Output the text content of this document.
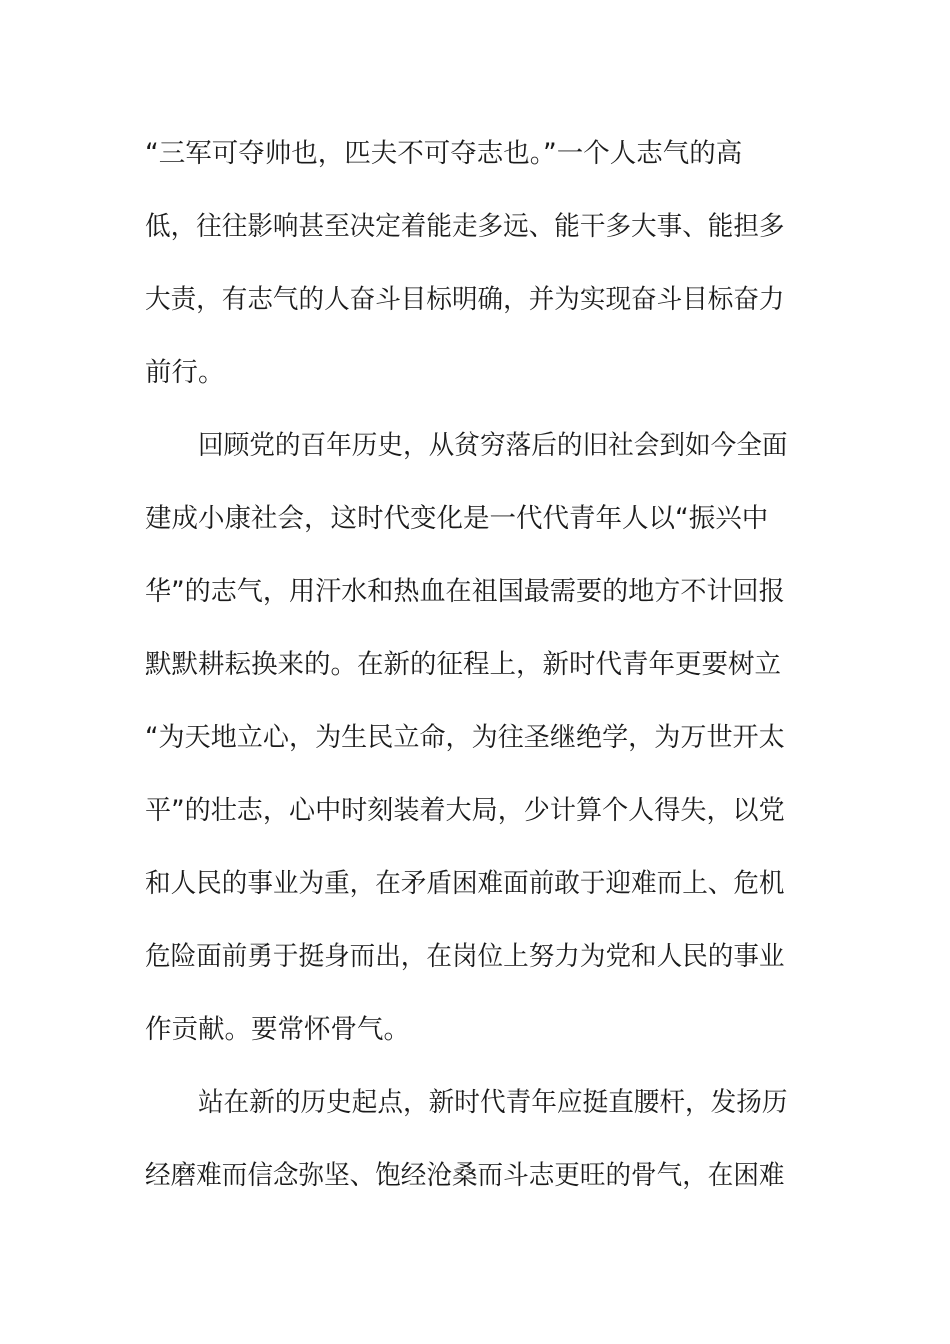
“三军可夺帅也，匹夫不可夺志也。”一个人志气的高
低，往往影响甚至决定着能走多远、能干多大事、能担多
大责，有志气的人奋斗目标明确，并为实现奋斗目标奋力
前行。
回顾党的百年历史，从贫穷落后的旧社会到如今全面
建成小康社会，这时代变化是一代代青年人以“振兴中
华”的志气，用汗水和热血在祖国最需要的地方不计回报
默默耕耘换来的。在新的征程上，新时代青年更要树立
“为天地立心，为生民立命，为往圣继绝学，为万世开太
平”的壮志，心中时刻装着大局，少计算个人得失，以党
和人民的事业为重，在矛盾困难面前敢于迎难而上、危机
危险面前勇于挺身而出，在岗位上努力为党和人民的事业
作贡献。要常怀骨气。
站在新的历史起点，新时代青年应挺直腰杆，发扬历
经磨难而信念弥坚、饱经沧桑而斗志更旺的骨气，在困难
